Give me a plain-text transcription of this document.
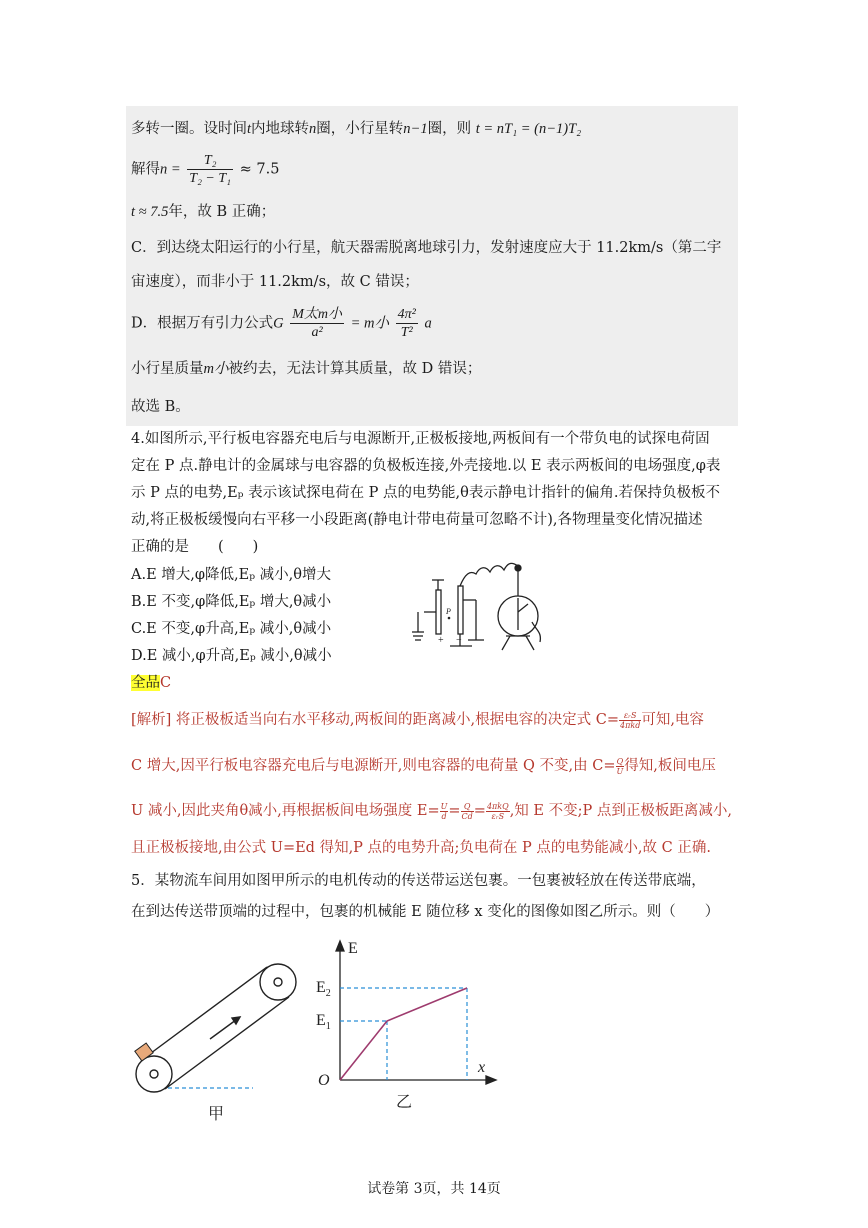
多转一圈。设时间t内地球转n圈，小行星转n−1圈，则 t = nT₁ = (n−1)T₂
解得$n = \frac{\text{T₂}}{\text{T₂ − T₁}} \approx 7.5$
t ≈ 7.5年，故 B 正确；
C．到达绕太阳运行的小行星，航天器需脱离地球引力，发射速度应大于 11.2km/s（第二宇
宙速度），而非小于 11.2km/s，故 C 错误；
D．根据万有引力公式G $\frac{\text{M太m小}}{\text{a²}} = m$小 $\frac{\text{4π²}}{\text{T²}}$ a
小行星质量m小被约去，无法计算其质量，故 D 错误；
故选 B。
4.如图所示,平行板电容器充电后与电源断开,正极板接地,两板间有一个带负电的试探电荷固
定在 P 点.静电计的金属球与电容器的负极板连接,外壳接地.以 E 表示两板间的电场强度,φ表
示 P 点的电势,Eₚ 表示该试探电荷在 P 点的电势能,θ表示静电计指针的偏角.若保持负极板不
动,将正极板缓慢向右平移一小段距离(静电计带电荷量可忽略不计),各物理量变化情况描述
正确的是　　(　　)
A.E 增大,φ降低,Eₚ 减小,θ增大
B.E 不变,φ降低,Eₚ 增大,θ减小
C.E 不变,φ升高,Eₚ 减小,θ减小
D.E 减小,φ升高,Eₚ 减小,θ减小
全品C
+ −
P
[解析] 将正极板适当向右水平移动,两板间的距离减小,根据电容的决定式 C= εᵣS
4πkd 可知,电容
C 增大,因平行板电容器充电后与电源断开,则电容器的电荷量 Q 不变,由 $C= \frac{Q}{U}$ 得知,板间电压
U 减小,因此夹角θ减小,再根据板间电场强度 $E= \frac{U}{d} = \frac{Q}{Cd} = 4\pi kQ$
εᵣS ,知 E 不变;P 点到正极板距离减小,
且正极板接地,由公式 U=Ed 得知,P 点的电势升高;负电荷在 P 点的电势能减小,故 C 正确.
5．某物流车间用如图甲所示的电机传动的传送带运送包裹。一包裹被轻放在传送带底端，
在到达传送带顶端的过程中，包裹的机械能 E 随位移 x 变化的图像如图乙所示。则（　　）
甲
E
x
O
$E_2$
$E_1$
乙
试卷第 3页，共 14页
